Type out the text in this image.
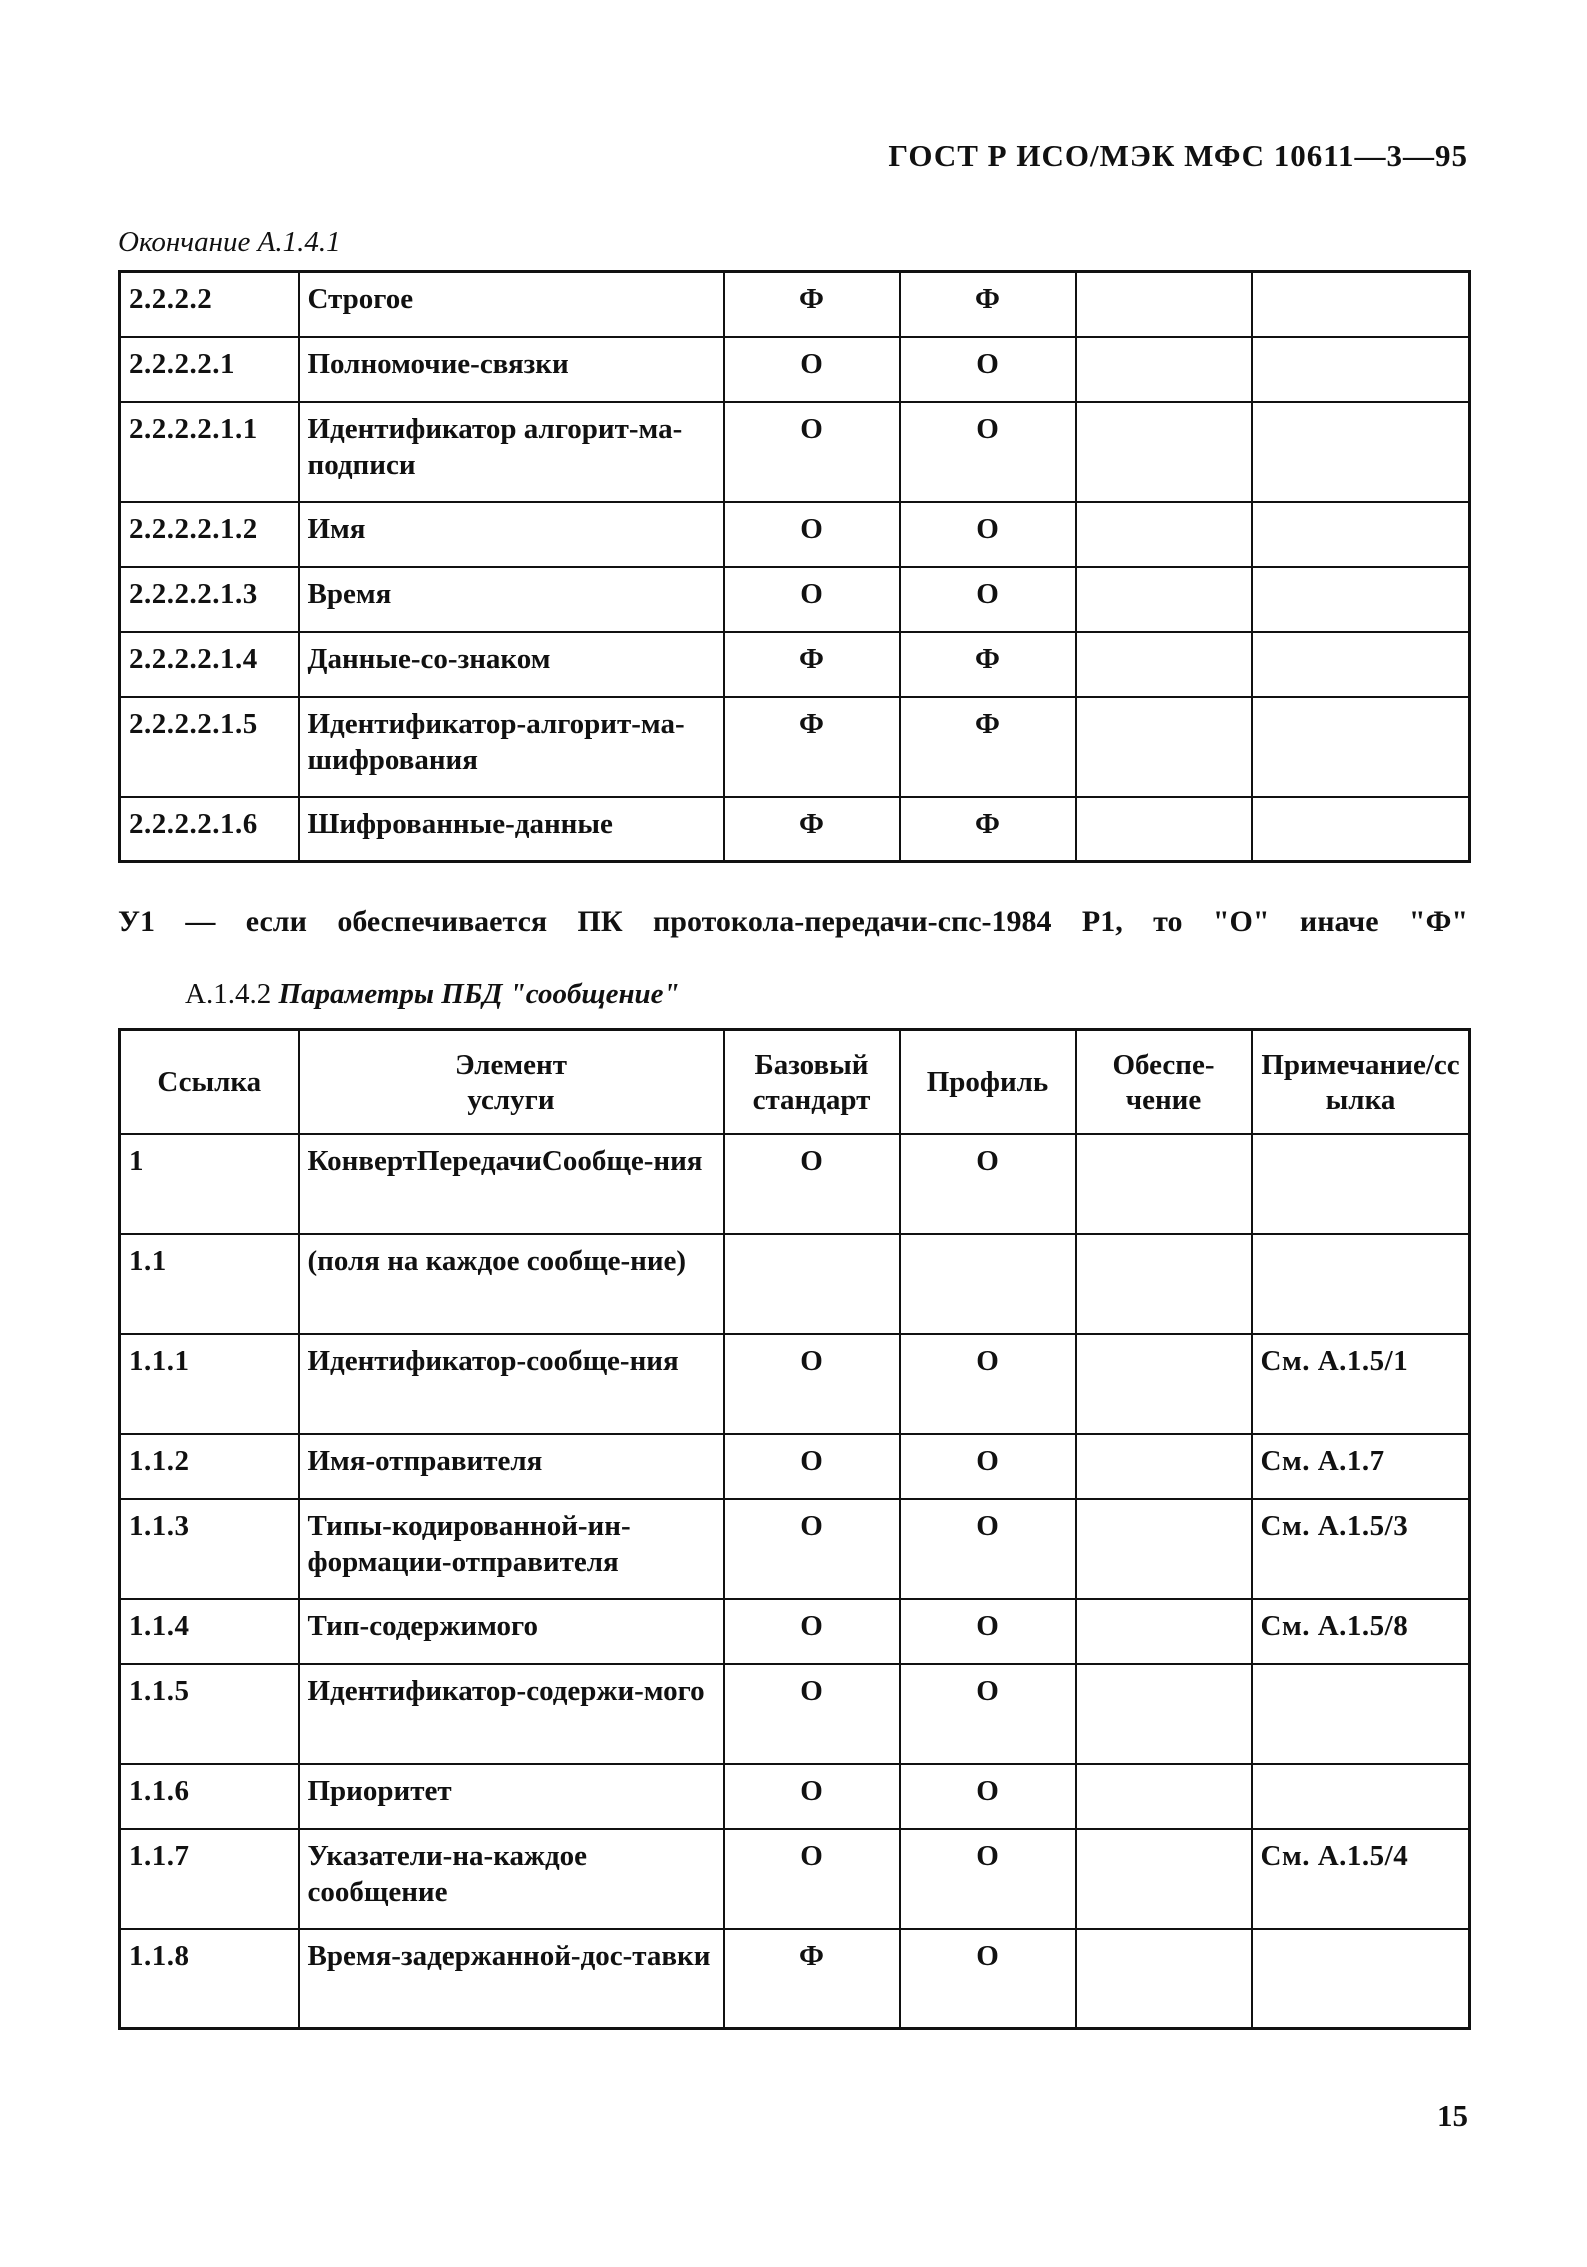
ГОСТ Р ИСО/МЭК МФС 10611—3—95
Окончание А.1.4.1
2.2.2.2	Строгое	Ф	Ф		
2.2.2.2.1	Полномочие-связки	О	О		
2.2.2.2.1.1	Идентификатор алгорит-ма-подписи	О	О		
2.2.2.2.1.2	Имя	О	О		
2.2.2.2.1.3	Время	О	О		
2.2.2.2.1.4	Данные-со-знаком	Ф	Ф		
2.2.2.2.1.5	Идентификатор-алгорит-ма-шифрования	Ф	Ф		
2.2.2.2.1.6	Шифрованные-данные	Ф	Ф		
У1 — если обеспечивается ПК протокола-передачи-спс-1984 Р1, то "О" иначе "Ф"
А.1.4.2 Параметры ПБД "сообщение"
Ссылка	Элемент услуги	Базовый стандарт	Профиль	Обеспе-чение	Примечание/ссылка
1	КонвертПередачиСообще-ния	О	О		
1.1	(поля на каждое сообще-ние)				
1.1.1	Идентификатор-сообще-ния	О	О		См. А.1.5/1
1.1.2	Имя-отправителя	О	О		См. А.1.7
1.1.3	Типы-кодированной-ин-формации-отправителя	О	О		См. А.1.5/3
1.1.4	Тип-содержимого	О	О		См. А.1.5/8
1.1.5	Идентификатор-содержи-мого	О	О		
1.1.6	Приоритет	О	О		
1.1.7	Указатели-на-каждое сообщение	О	О		См. А.1.5/4
1.1.8	Время-задержанной-дос-тавки	Ф	О		
15
